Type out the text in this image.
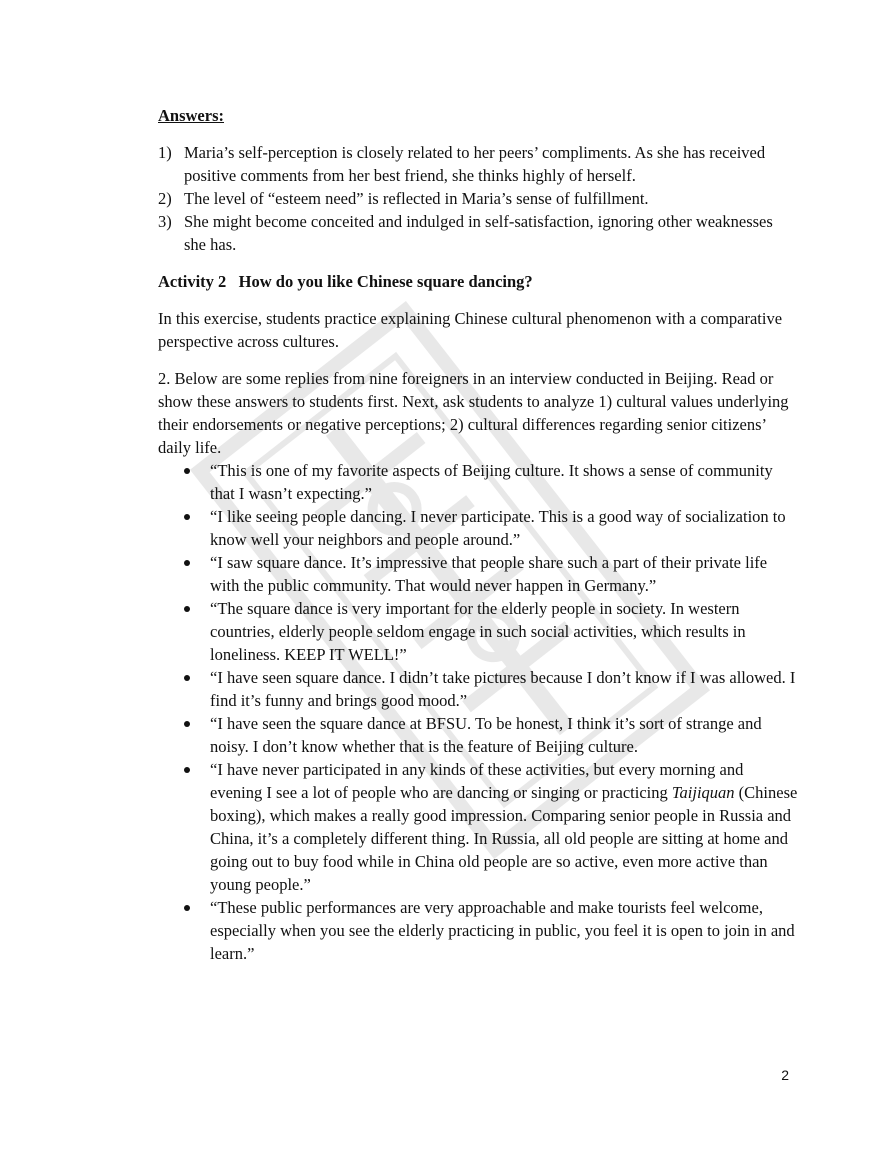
Answers:
1) Maria’s self-perception is closely related to her peers’ compliments. As she has received positive comments from her best friend, she thinks highly of herself.
2) The level of “esteem need” is reflected in Maria’s sense of fulfillment.
3) She might become conceited and indulged in self-satisfaction, ignoring other weaknesses she has.
Activity 2   How do you like Chinese square dancing?

In this exercise, students practice explaining Chinese cultural phenomenon with a comparative perspective across cultures.

2. Below are some replies from nine foreigners in an interview conducted in Beijing. Read or show these answers to students first. Next, ask students to analyze 1) cultural values underlying their endorsements or negative perceptions; 2) cultural differences regarding senior citizens’ daily life.

“This is one of my favorite aspects of Beijing culture. It shows a sense of community that I wasn’t expecting.”
“I like seeing people dancing. I never participate. This is a good way of socialization to know well your neighbors and people around.”
“I saw square dance. It’s impressive that people share such a part of their private life with the public community. That would never happen in Germany.”
“The square dance is very important for the elderly people in society. In western countries, elderly people seldom engage in such social activities, which results in loneliness. KEEP IT WELL!”
“I have seen square dance. I didn’t take pictures because I don’t know if I was allowed. I find it’s funny and brings good mood.”
“I have seen the square dance at BFSU. To be honest, I think it’s sort of strange and noisy. I don’t know whether that is the feature of Beijing culture.
“I have never participated in any kinds of these activities, but every morning and evening I see a lot of people who are dancing or singing or practicing Taijiquan (Chinese boxing), which makes a really good impression. Comparing senior people in Russia and China, it’s a completely different thing. In Russia, all old people are sitting at home and going out to buy food while in China old people are so active, even more active than young people.”
“These public performances are very approachable and make tourists feel welcome, especially when you see the elderly practicing in public, you feel it is open to join in and learn.”
2
